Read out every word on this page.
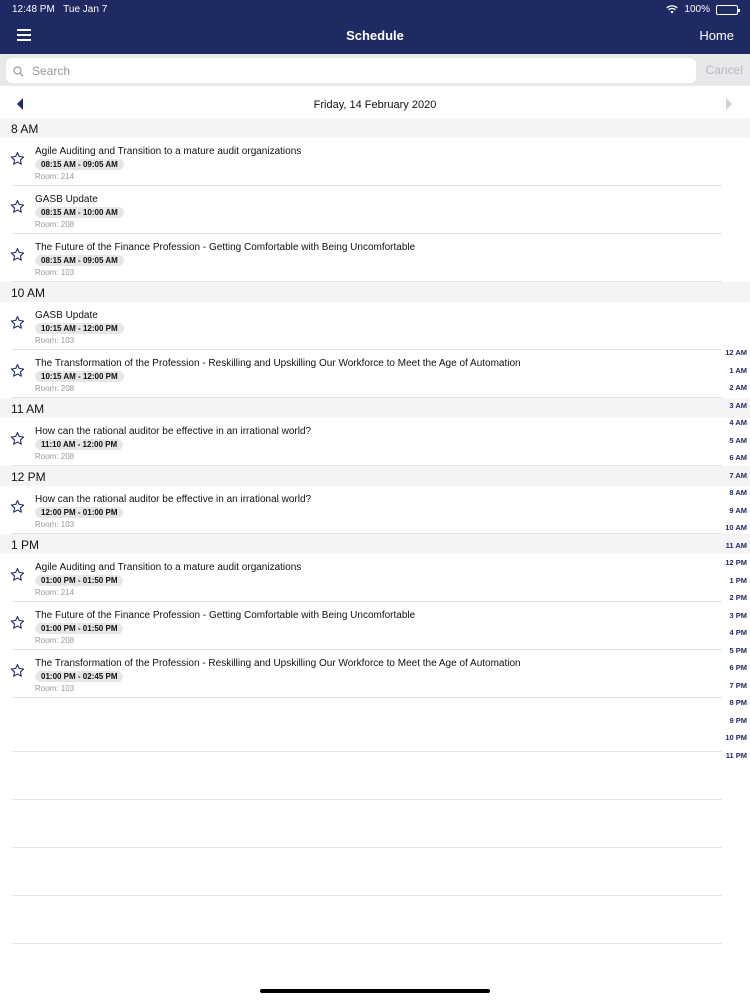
12:48 PM Tue Jan 7	100%
Schedule	Home
Search
Cancel
Friday, 14 February 2020
8 AM
Agile Auditing and Transition to a mature audit organizations
08:15 AM - 09:05 AM
Room: 214
GASB Update
08:15 AM - 10:00 AM
Room: 208
The Future of the Finance Profession - Getting Comfortable with Being Uncomfortable
08:15 AM - 09:05 AM
Room: 103
10 AM
GASB Update
10:15 AM - 12:00 PM
Room: 103
The Transformation of the Profession - Reskilling and Upskilling Our Workforce to Meet the Age of Automation
10:15 AM - 12:00 PM
Room: 208
11 AM
How can the rational auditor be effective in an irrational world?
11:10 AM - 12:00 PM
Room: 208
12 PM
How can the rational auditor be effective in an irrational world?
12:00 PM - 01:00 PM
Room: 103
1 PM
Agile Auditing and Transition to a mature audit organizations
01:00 PM - 01:50 PM
Room: 214
The Future of the Finance Profession - Getting Comfortable with Being Uncomfortable
01:00 PM - 01:50 PM
Room: 208
The Transformation of the Profession - Reskilling and Upskilling Our Workforce to Meet the Age of Automation
01:00 PM - 02:45 PM
Room: 103
12 AM
1 AM
2 AM
3 AM
4 AM
5 AM
6 AM
7 AM
8 AM
9 AM
10 AM
11 AM
12 PM
1 PM
2 PM
3 PM
4 PM
5 PM
6 PM
7 PM
8 PM
9 PM
10 PM
11 PM
